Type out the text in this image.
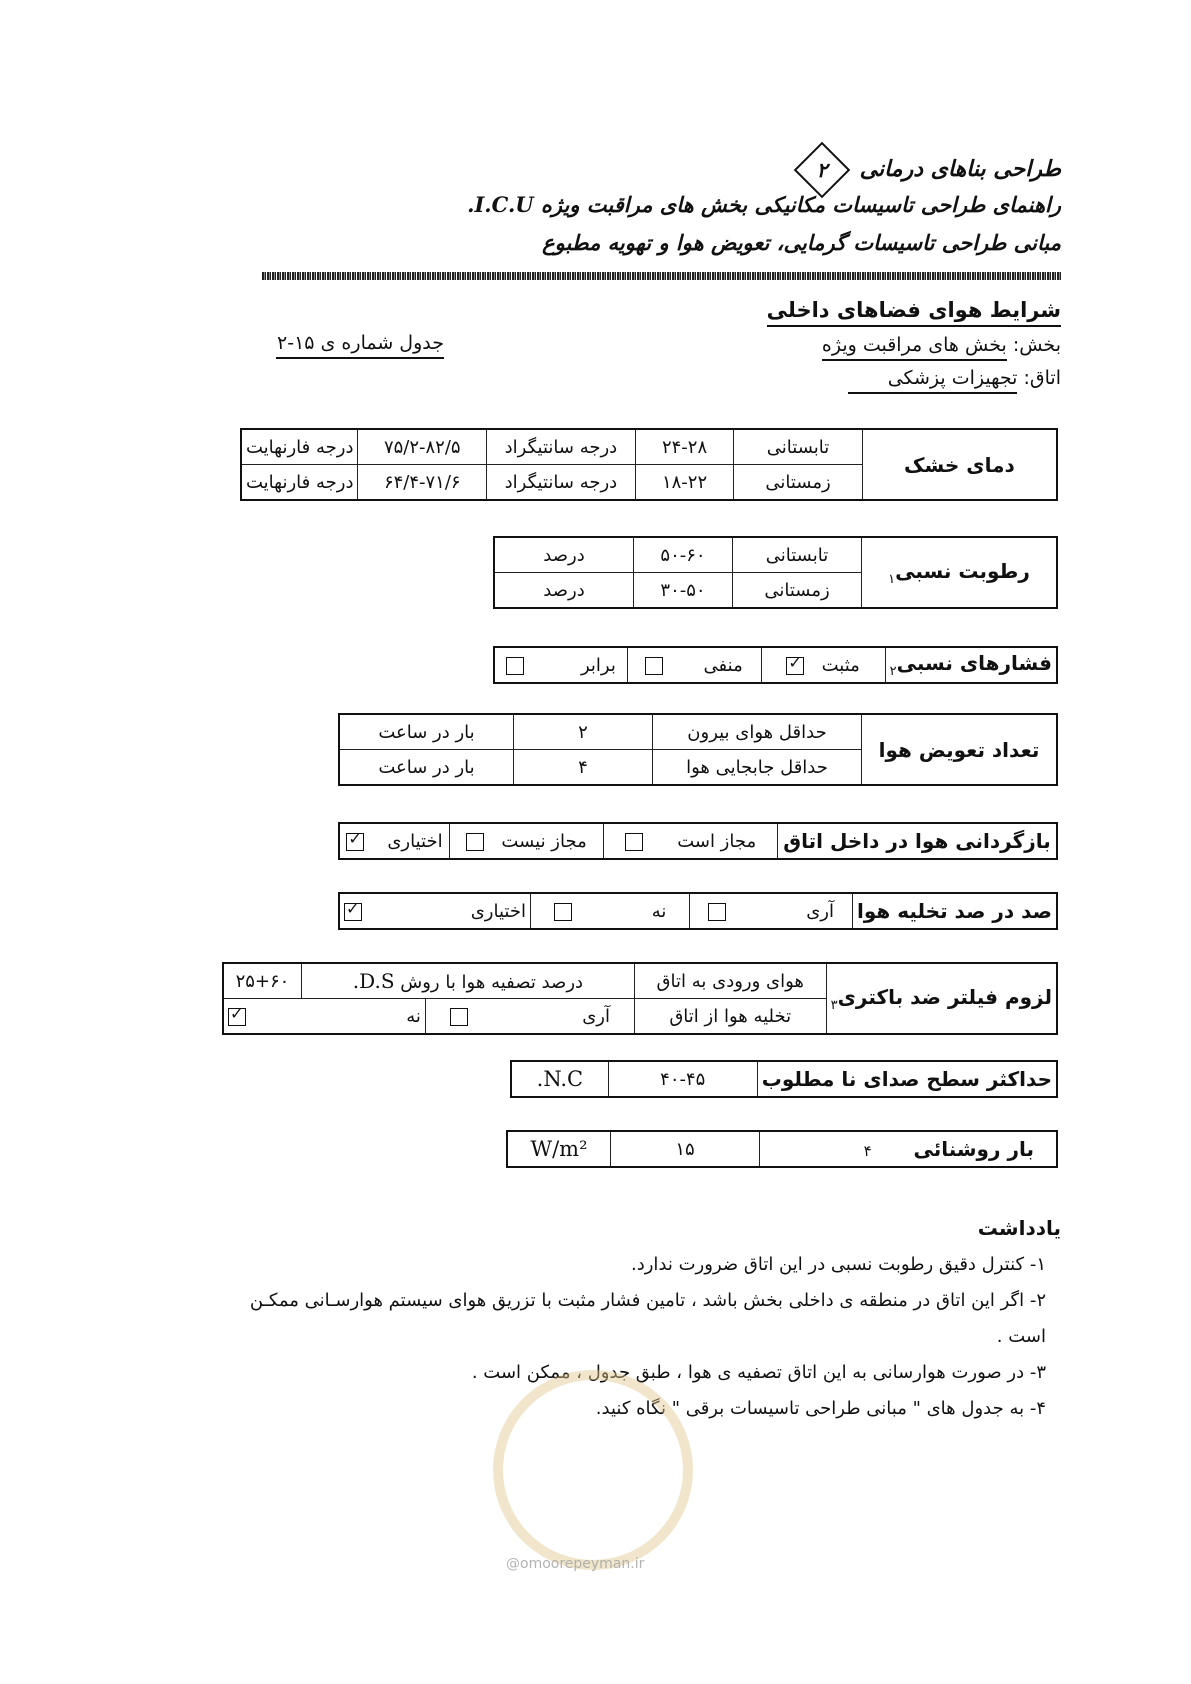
طراحی بناهای درمانی
۲
راهنمای طراحی تاسیسات مکانیکی بخش های مراقبت ویژه I.C.U.
مبانی طراحی تاسیسات گرمایی، تعویض هوا و تهویه مطبوع
شرایط هوای فضاهای داخلی
بخش: بخش های مراقبت ویژه
اتاق: تجهیزات پزشکی
جدول شماره ی ۱۵-۲
دمای خشک	تابستانی	۲۴-۲۸	درجه سانتیگراد	۷۵/۲-۸۲/۵	درجه فارنهایت
	زمستانی	۱۸-۲۲	درجه سانتیگراد	۶۴/۴-۷۱/۶	درجه فارنهایت
رطوبت نسبی$_۱$	تابستانی	۵۰-۶۰	درصد
	زمستانی	۳۰-۵۰	درصد
فشارهای نسبی$_۲$	مثبت   ✓	منفی	برابر
تعداد تعویض هوا	حداقل هوای بیرون	۲	بار در ساعت
	حداقل جابجایی هوا	۴	بار در ساعت
بازگردانی هوا در داخل اتاق	مجاز است	مجاز نیست	اختیاری    ✓
صد در صد تخلیه هوا	آری	نه	اختیاری                   ✓
لزوم فیلتر ضد باکتری$_۳$	هوای ورودی به اتاق	درصد تصفیه هوا با روش D.S.		۲۵+۶۰
	تخلیه هوا از اتاق	آری	نه                            ✓
حداکثر سطح صدای نا مطلوب	۴۰-۴۵	N.C.
بار روشنائی      ۴	۱۵	W/m²
یادداشت
۱- کنترل دقیق رطوبت نسبی در این اتاق ضرورت ندارد.
۲- اگر این اتاق در منطقه ی داخلی بخش باشد ، تامین فشار مثبت با تزریق هوای سیستم هوارسـانی ممکـن
است .
۳- در صورت هوارسانی به این اتاق تصفیه ی هوا ، طبق جدول ، ممکن است .
۴- به جدول های " مبانی طراحی تاسیسات برقی " نگاه کنید.
@omoorepeyman.ir
